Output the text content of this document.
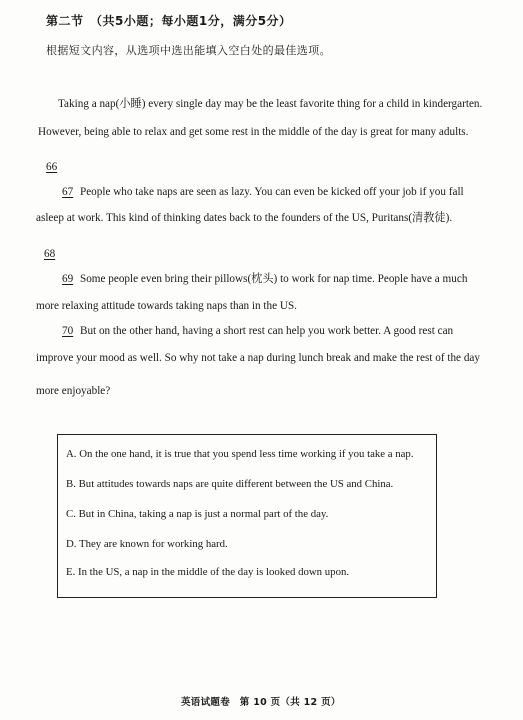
第二节　（共5小题；每小题1分，满分5分）
根据短文内容，从选项中选出能填入空白处的最佳选项。
Taking a nap(小睡) every single day may be the least favorite thing for a child in kindergarten.
However, being able to relax and get some rest in the middle of the day is great for many adults.
66
67 People who take naps are seen as lazy. You can even be kicked off your job if you fall
asleep at work. This kind of thinking dates back to the founders of the US, Puritans(清教徒).
68
69 Some people even bring their pillows(枕头) to work for nap time. People have a much
more relaxing attitude towards taking naps than in the US.
70 But on the other hand, having a short rest can help you work better. A good rest can
improve your mood as well. So why not take a nap during lunch break and make the rest of the day
more enjoyable?
A. On the one hand, it is true that you spend less time working if you take a nap.
B. But attitudes towards naps are quite different between the US and China.
C. But in China, taking a nap is just a normal part of the day.
D. They are known for working hard.
E. In the US, a nap in the middle of the day is looked down upon.
英语试题卷　第 10 页（共 12 页）
